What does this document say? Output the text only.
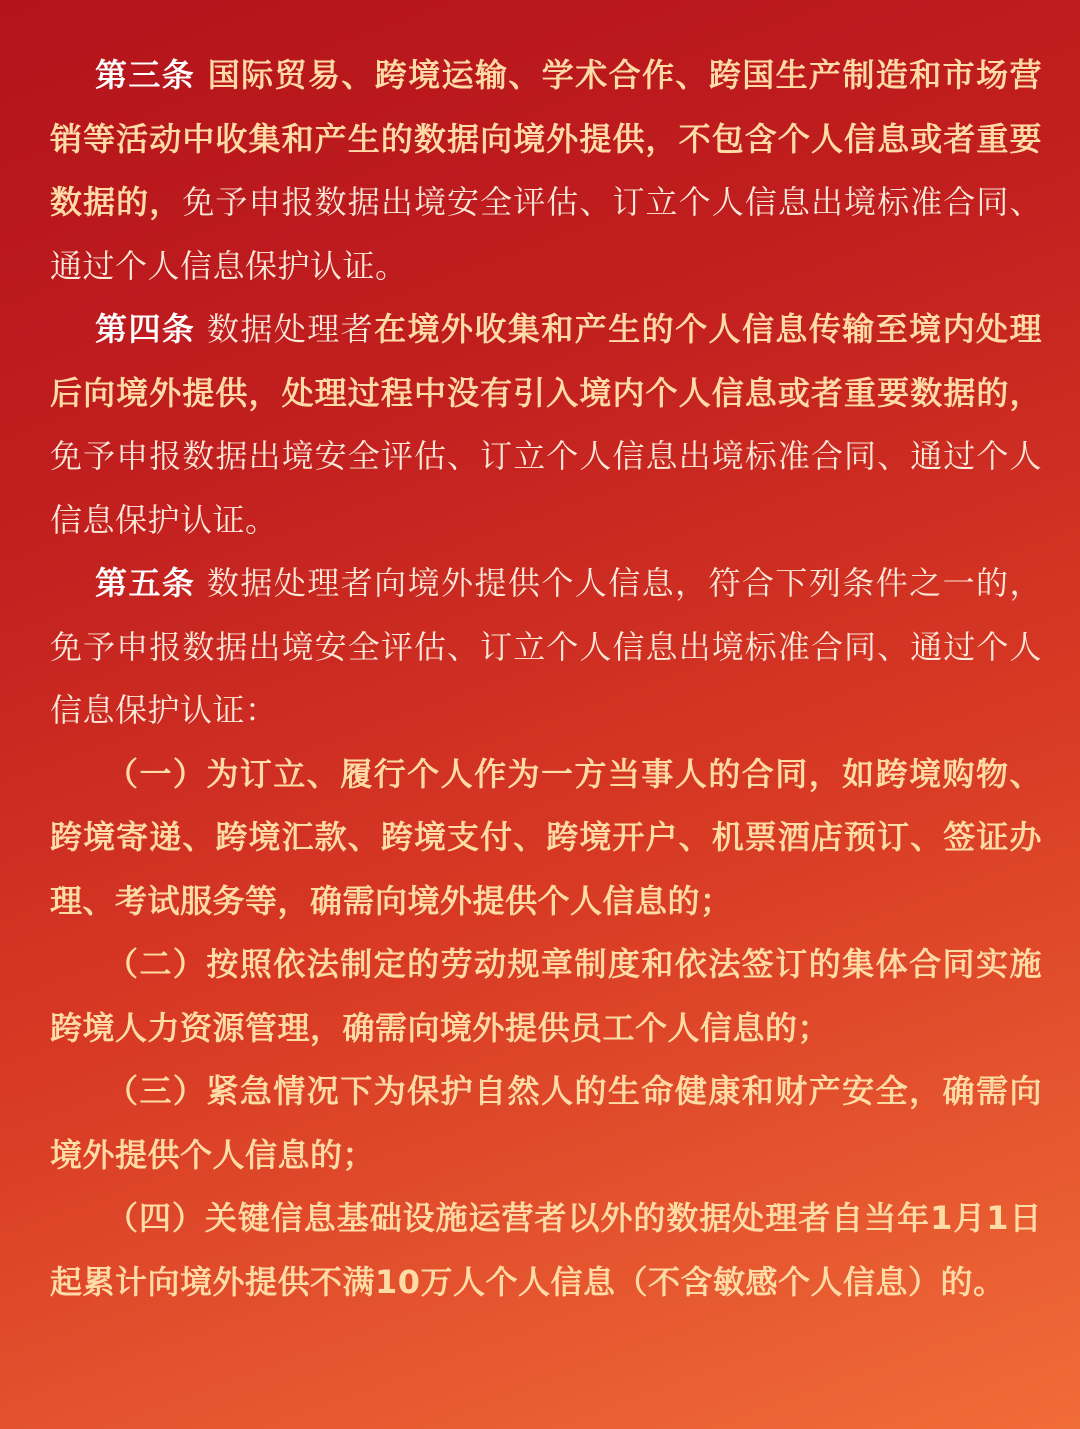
第三条 国际贸易、跨境运输、学术合作、跨国生产制造和市场营销等活动中收集和产生的数据向境外提供，不包含个人信息或者重要数据的，免予申报数据出境安全评估、订立个人信息出境标准合同、通过个人信息保护认证。

第四条 数据处理者在境外收集和产生的个人信息传输至境内处理后向境外提供，处理过程中没有引入境内个人信息或者重要数据的，免予申报数据出境安全评估、订立个人信息出境标准合同、通过个人信息保护认证。

第五条 数据处理者向境外提供个人信息，符合下列条件之一的，免予申报数据出境安全评估、订立个人信息出境标准合同、通过个人信息保护认证：

（一）为订立、履行个人作为一方当事人的合同，如跨境购物、跨境寄递、跨境汇款、跨境支付、跨境开户、机票酒店预订、签证办理、考试服务等，确需向境外提供个人信息的；

（二）按照依法制定的劳动规章制度和依法签订的集体合同实施跨境人力资源管理，确需向境外提供员工个人信息的；

（三）紧急情况下为保护自然人的生命健康和财产安全，确需向境外提供个人信息的；

（四）关键信息基础设施运营者以外的数据处理者自当年1月1日起累计向境外提供不满10万人个人信息（不含敏感个人信息）的。
